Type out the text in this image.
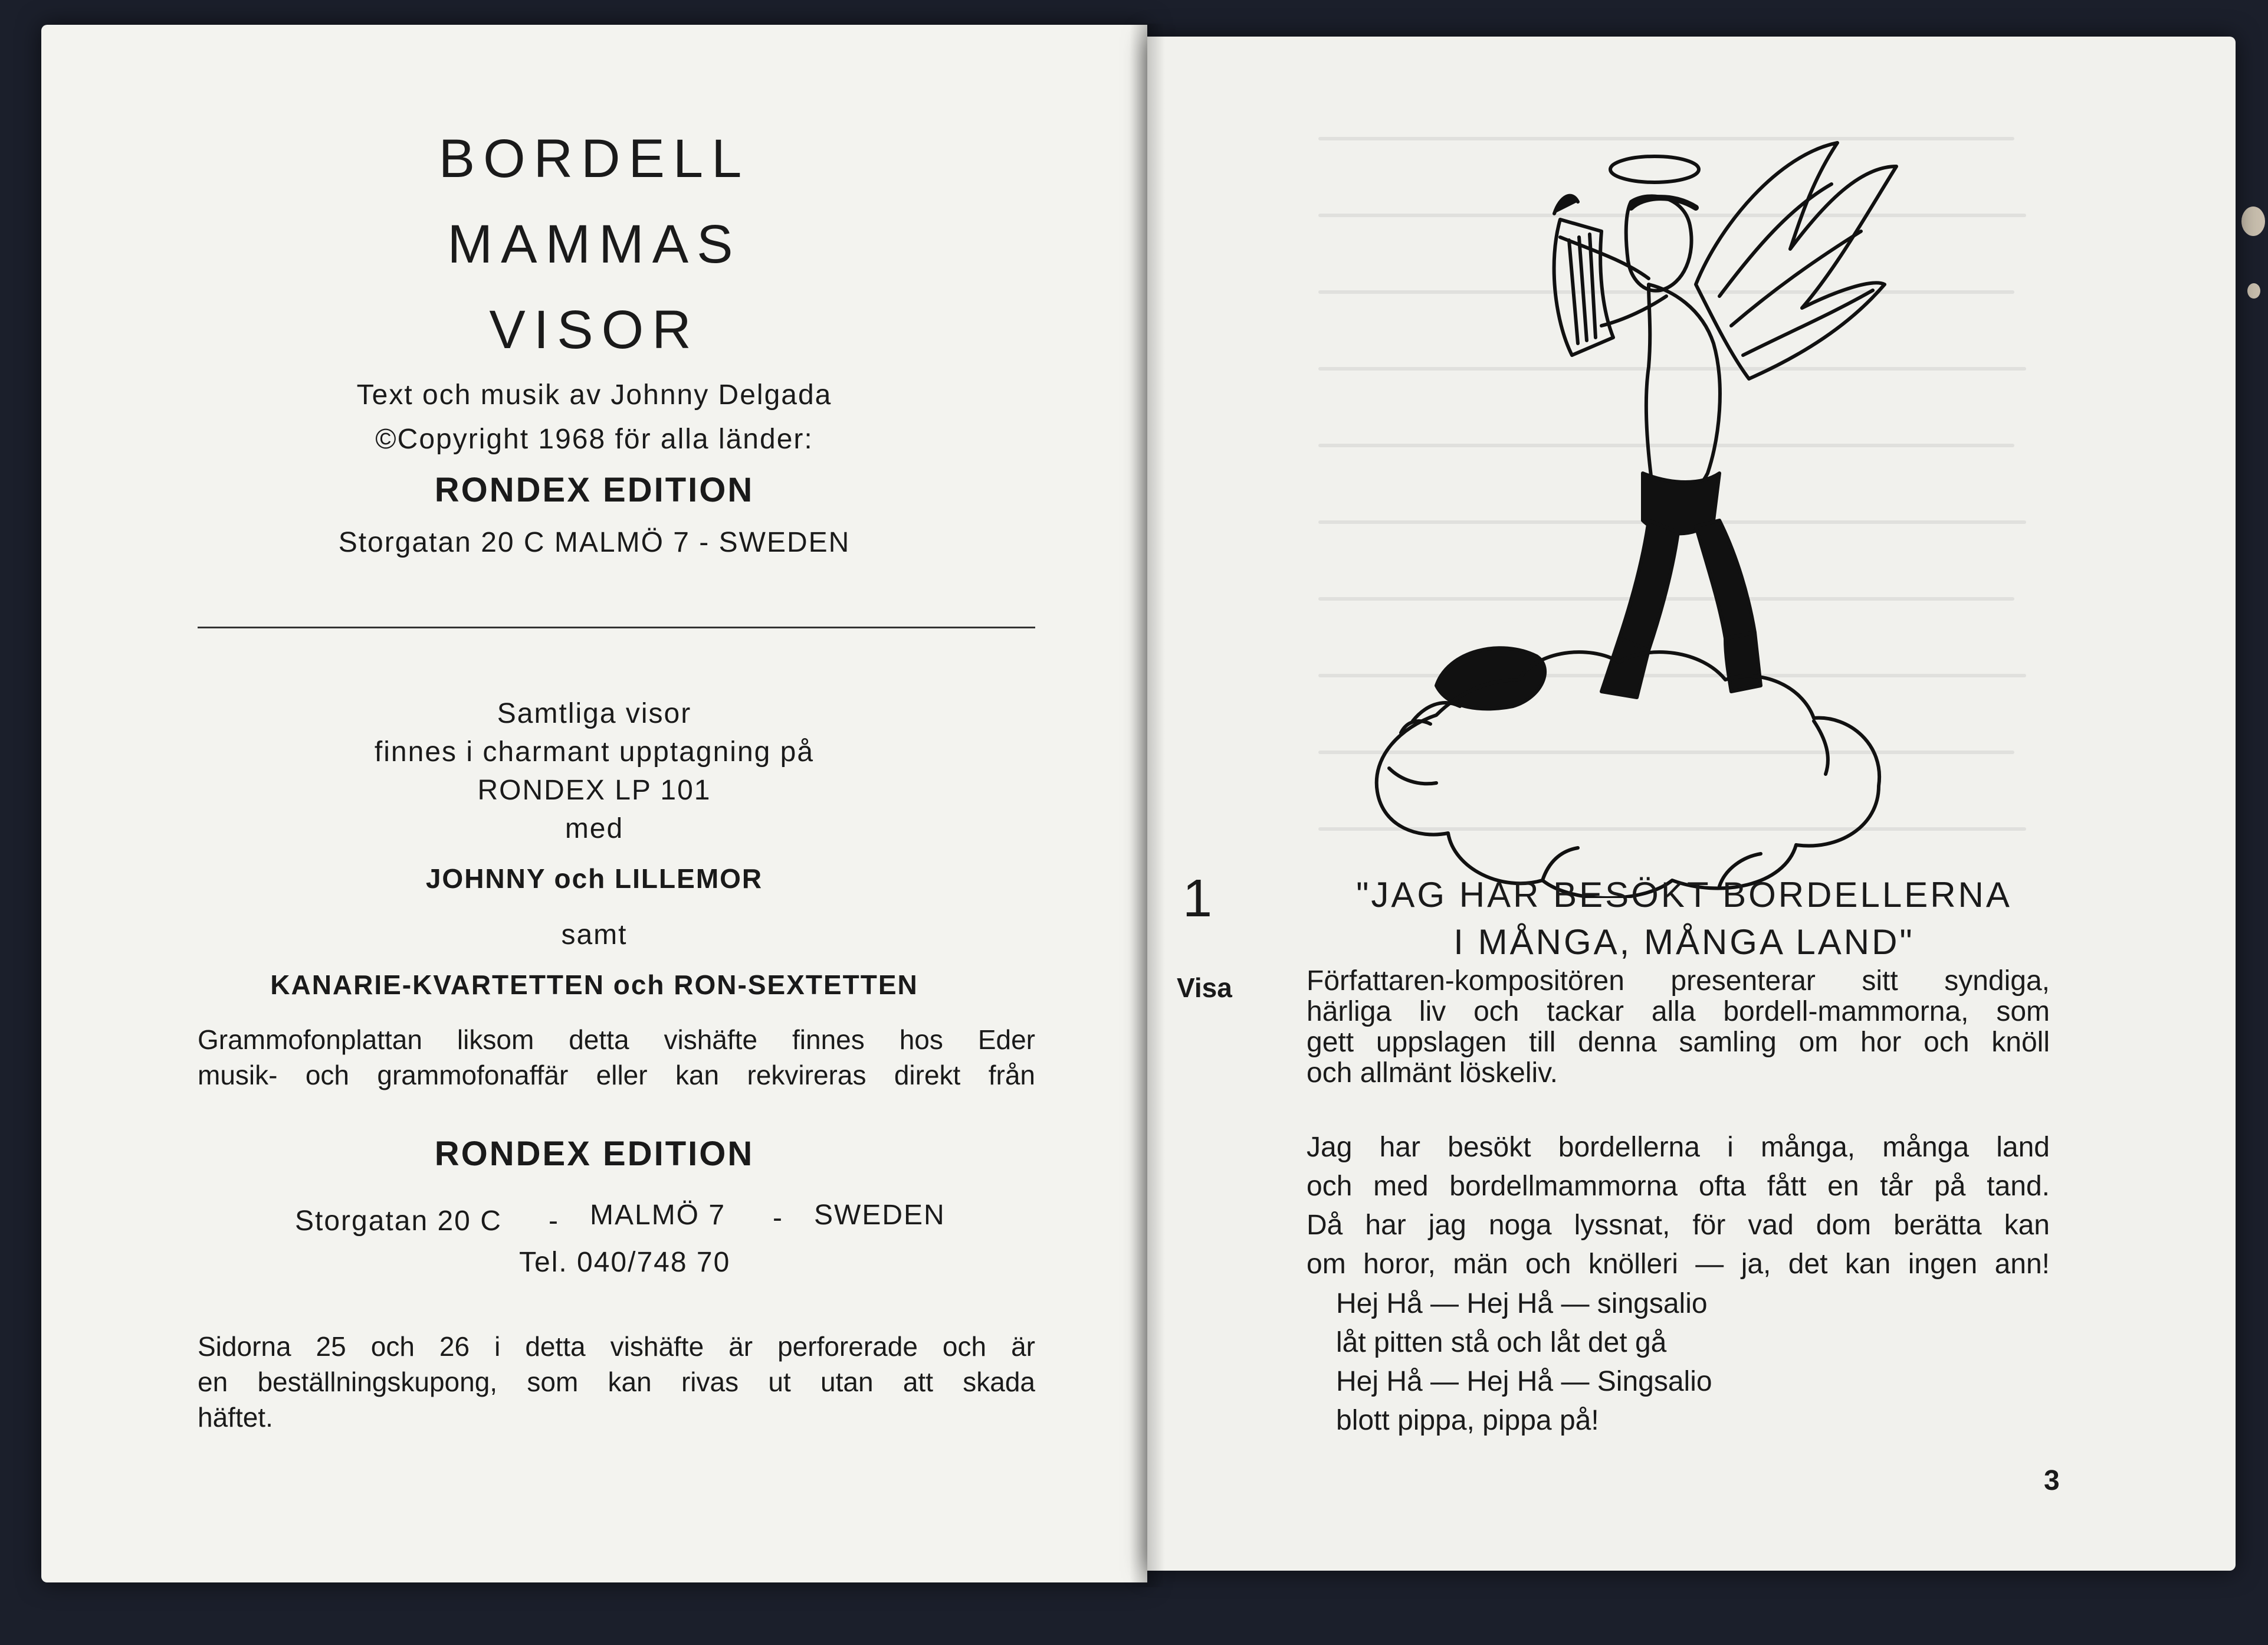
BORDELL
MAMMAS
VISOR
Text och musik av Johnny Delgada
©Copyright 1968 för alla länder:
RONDEX EDITION
Storgatan 20 C MALMÖ 7 - SWEDEN
Samtliga visor
finnes i charmant upptagning på
RONDEX LP 101
med
JOHNNY och LILLEMOR
samt
KANARIE-KVARTETTEN och RON-SEXTETTEN
Grammofonplattan liksom detta vishäfte finnes hos Eder
musik- och grammofonaffär eller kan rekvireras direkt från
RONDEX EDITION
Storgatan 20 C - MALMÖ 7 - SWEDEN
Tel. 040/748 70
Sidorna 25 och 26 i detta vishäfte är perforerade och är
en beställningskupong, som kan rivas ut utan att skada
häftet.
1
Visa
"JAG HAR BESÖKT BORDELLERNA
I MÅNGA, MÅNGA LAND"
Författaren-kompositören presenterar sitt syndiga,
härliga liv och tackar alla bordell-mammorna, som
gett uppslagen till denna samling om hor och knöll
och allmänt löskeliv.
Jag har besökt bordellerna i många, många land
och med bordellmammorna ofta fått en tår på tand.
Då har jag noga lyssnat, för vad dom berätta kan
om horor, män och knölleri — ja, det kan ingen ann!
Hej Hå — Hej Hå — singsalio
låt pitten stå och låt det gå
Hej Hå — Hej Hå — Singsalio
blott pippa, pippa på!
3
